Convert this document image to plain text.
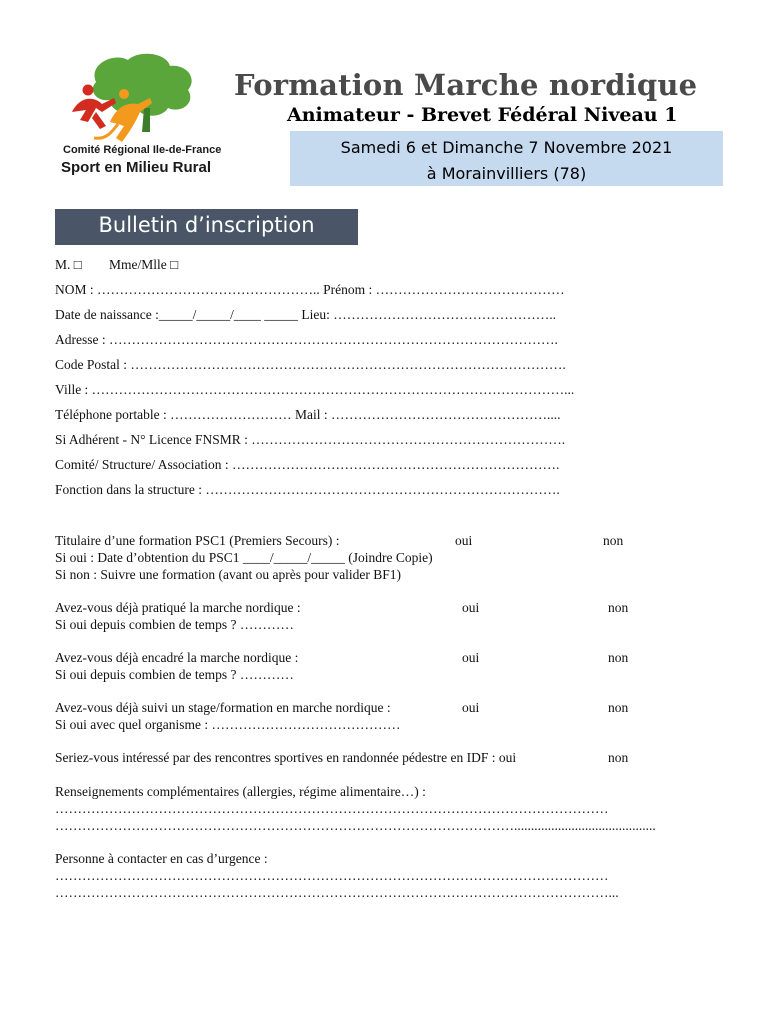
Comité Régional Ile-de-France
Sport en Milieu Rural
Formation Marche nordique
Animateur - Brevet Fédéral Niveau 1
Samedi 6 et Dimanche 7 Novembre 2021
à Morainvilliers (78)
Bulletin d’inscription
M. □ Mme/Mlle □
NOM : ………………………………………….. Prénom : ……………………………………
Date de naissance :_____/_____/____ _____ Lieu: …………………………………………..
Adresse : ……………………………………………………………………………………….
Code Postal : …………………………………………………………………………………….
Ville : ……………………………………………………………………………………………...
Téléphone portable : ……………………… Mail : …………………………………………....
Si Adhérent - N° Licence FNSMR : …………………………………………………………….
Comité/ Structure/ Association : ……………………………………………………………….
Fonction dans la structure : …………………………………………………………………….
Titulaire d’une formation PSC1 (Premiers Secours) :	oui	non
Si oui : Date d’obtention du PSC1 ____/_____/_____ (Joindre Copie)
Si non : Suivre une formation (avant ou après pour valider BF1)
Avez-vous déjà pratiqué la marche nordique :	oui	non
Si oui depuis combien de temps ? …………
Avez-vous déjà encadré la marche nordique :	oui	non
Si oui depuis combien de temps ? …………
Avez-vous déjà suivi un stage/formation en marche nordique :	oui	non
Si oui avec quel organisme : ……………………………………
Seriez-vous intéressé par des rencontres sportives en randonnée pédestre en IDF : oui	non
Renseignements complémentaires (allergies, régime alimentaire…) :
……………………………………………………………………………………………………………
…………………………………………………………………………………………..........................................
Personne à contacter en cas d’urgence :
……………………………………………………………………………………………………………
……………………………………………………………………………………………………………...
